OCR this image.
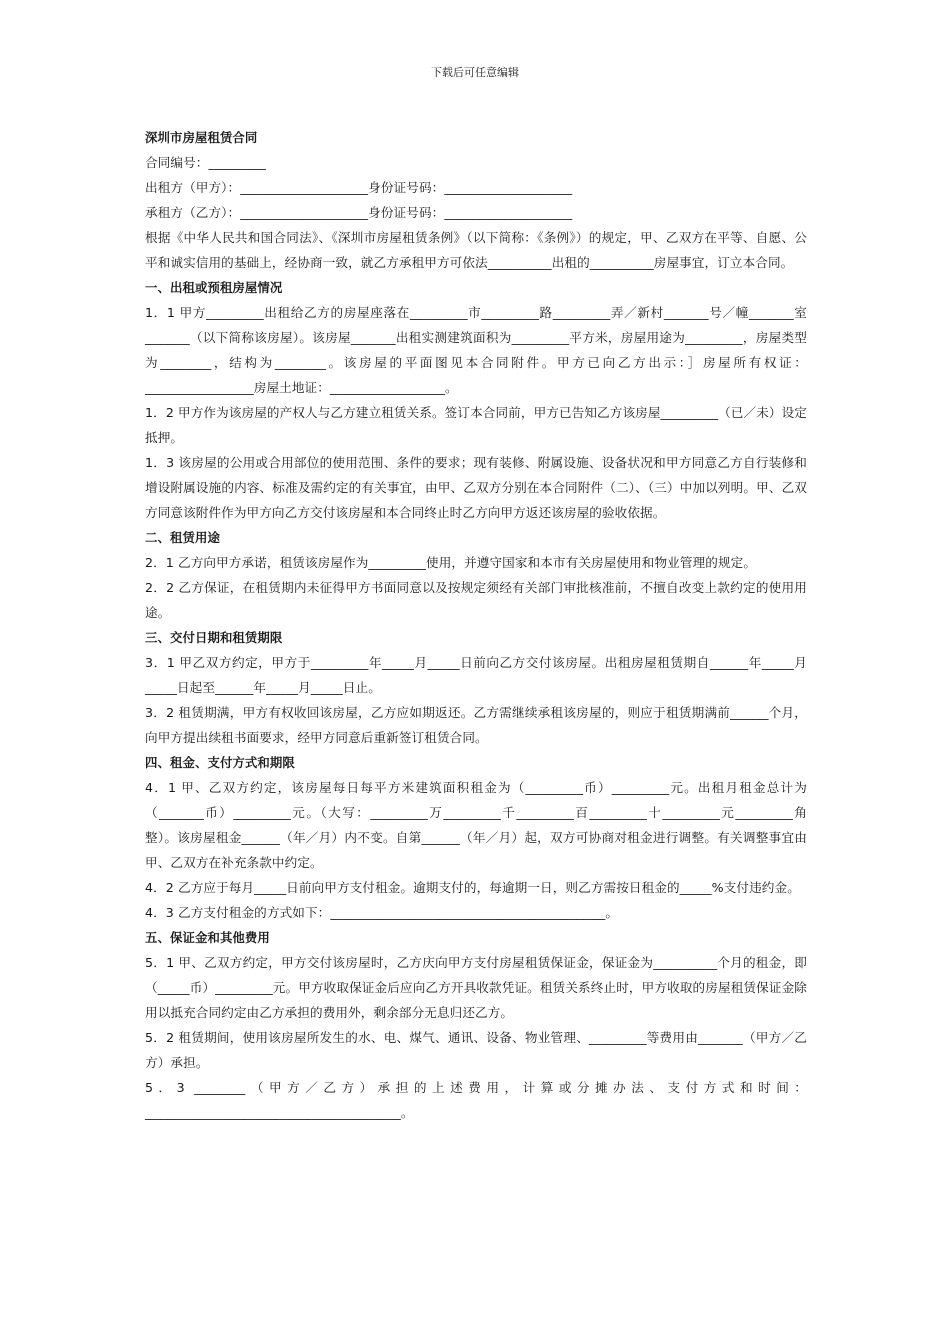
下载后可任意编辑

深圳市房屋租赁合同

合同编号：_________

出租方（甲方）：____________________身份证号码：____________________

承租方（乙方）：____________________身份证号码：____________________

根据《中华人民共和国合同法》、《深圳市房屋租赁条例》（以下简称：《条例》）的规定，甲、乙双方在平等、自愿、公平和诚实信用的基础上，经协商一致，就乙方承租甲方可依法__________出租的__________房屋事宜，订立本合同。

一、出租或预租房屋情况

1．1 甲方_________出租给乙方的房屋座落在_________市_________路_________弄／新村_______号／幢_______室_______（以下简称该房屋）。该房屋_______出租实测建筑面积为_________平方米，房屋用途为_________，房屋类型为________，结构为________。该房屋的平面图见本合同附件。甲方已向乙方出示：］房屋所有权证：_________________房屋土地证：__________________。

1．2 甲方作为该房屋的产权人与乙方建立租赁关系。签订本合同前，甲方已告知乙方该房屋_________（已／未）设定抵押。

1．3 该房屋的公用或合用部位的使用范围、条件的要求；现有装修、附属设施、设备状况和甲方同意乙方自行装修和增设附属设施的内容、标准及需约定的有关事宜，由甲、乙双方分别在本合同附件（二）、（三）中加以列明。甲、乙双方同意该附件作为甲方向乙方交付该房屋和本合同终止时乙方向甲方返还该房屋的验收依据。

二、租赁用途

2．1 乙方向甲方承诺，租赁该房屋作为_________使用，并遵守国家和本市有关房屋使用和物业管理的规定。

2．2 乙方保证，在租赁期内未征得甲方书面同意以及按规定须经有关部门审批核准前，不擅自改变上款约定的使用用途。

三、交付日期和租赁期限

3．1 甲乙双方约定，甲方于_________年_____月_____日前向乙方交付该房屋。出租房屋租赁期自______年_____月_____日起至______年_____月_____日止。

3．2 租赁期满，甲方有权收回该房屋，乙方应如期返还。乙方需继续承租该房屋的，则应于租赁期满前______个月，向甲方提出续租书面要求，经甲方同意后重新签订租赁合同。

四、租金、支付方式和期限

4．1 甲、乙双方约定，该房屋每日每平方米建筑面积租金为（_________币）_________元。出租月租金总计为（_______币）_________元。（大写：_________万_________千_________百_________十_________元_________角整）。该房屋租金______（年／月）内不变。自第______（年／月）起，双方可协商对租金进行调整。有关调整事宜由甲、乙双方在补充条款中约定。

4．2 乙方应于每月_____日前向甲方支付租金。逾期支付的，每逾期一日，则乙方需按日租金的_____%支付违约金。

4．3 乙方支付租金的方式如下：___________________________________________。

五、保证金和其他费用

5．1 甲、乙双方约定，甲方交付该房屋时，乙方庆向甲方支付房屋租赁保证金，保证金为__________个月的租金，即（_____币）_________元。甲方收取保证金后应向乙方开具收款凭证。租赁关系终止时，甲方收取的房屋租赁保证金除用以抵充合同约定由乙方承担的费用外，剩余部分无息归还乙方。

5．2 租赁期间，使用该房屋所发生的水、电、煤气、通讯、设备、物业管理、_________等费用由_______（甲方／乙方）承担。

5．3 ________（甲方／乙方）承担的上述费用，计算或分摊办法、支付方式和时间：________________________________________。
